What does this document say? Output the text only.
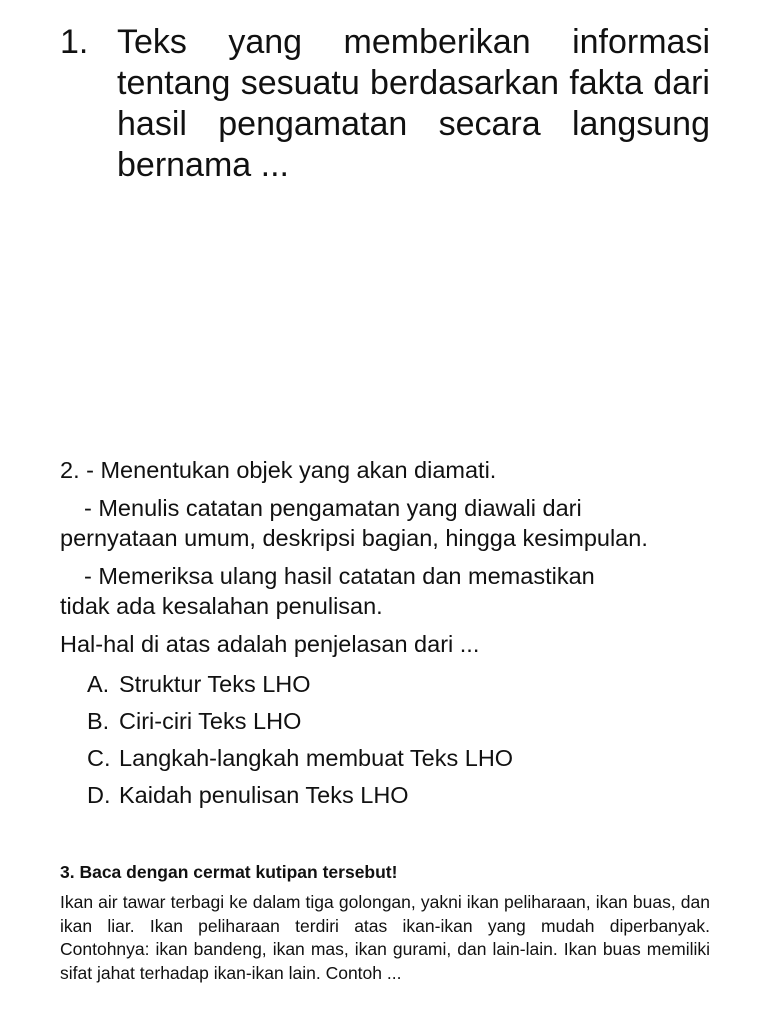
1. Teks yang memberikan informasi tentang sesuatu berdasarkan fakta dari hasil pengamatan secara langsung bernama ...

2. - Menentukan objek yang akan diamati.

- Menulis catatan pengamatan yang diawali dari

pernyataan umum, deskripsi bagian, hingga kesimpulan.

- Memeriksa ulang hasil catatan dan memastikan

tidak ada kesalahan penulisan.

Hal-hal di atas adalah penjelasan dari ...

A. Struktur Teks LHO
B. Ciri-ciri Teks LHO
C. Langkah-langkah membuat Teks LHO
D. Kaidah penulisan Teks LHO

3. Baca dengan cermat kutipan tersebut!

Ikan air tawar terbagi ke dalam tiga golongan, yakni ikan peliharaan, ikan buas, dan ikan liar. Ikan peliharaan terdiri atas ikan-ikan yang mudah diperbanyak. Contohnya: ikan bandeng, ikan mas, ikan gurami, dan lain-lain. Ikan buas memiliki sifat jahat terhadap ikan-ikan lain. Contoh ...
